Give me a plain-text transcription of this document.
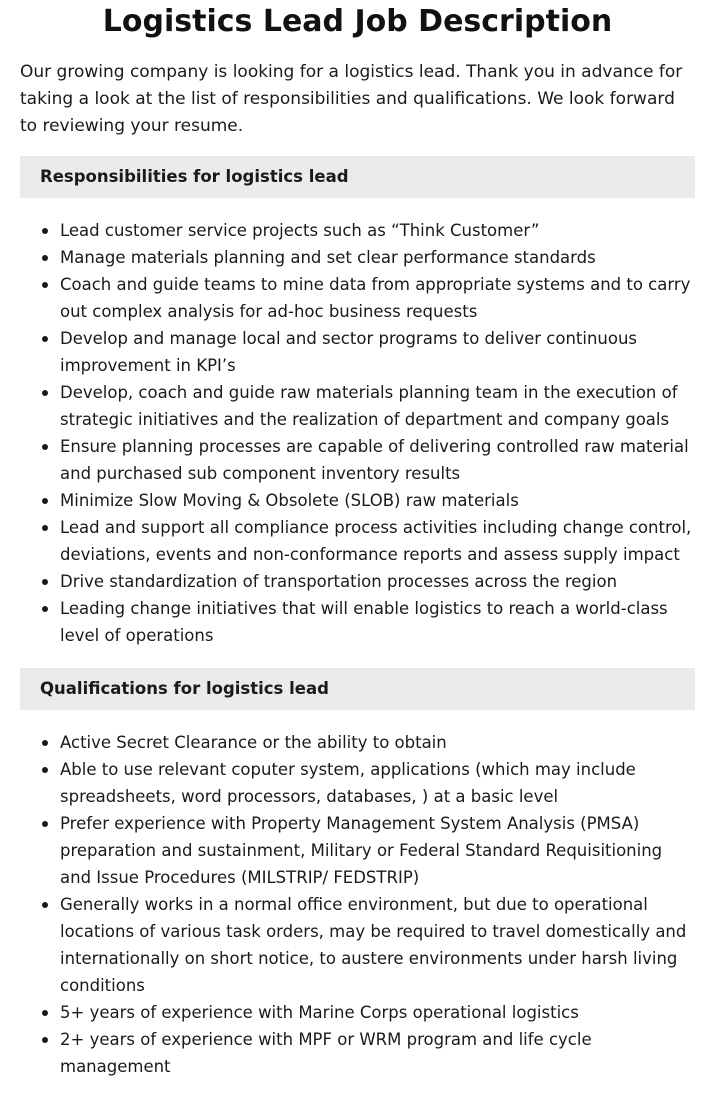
Logistics Lead Job Description

Our growing company is looking for a logistics lead. Thank you in advance for taking a look at the list of responsibilities and qualifications. We look forward to reviewing your resume.

Responsibilities for logistics lead
Lead customer service projects such as “Think Customer”
Manage materials planning and set clear performance standards
Coach and guide teams to mine data from appropriate systems and to carry out complex analysis for ad-hoc business requests
Develop and manage local and sector programs to deliver continuous improvement in KPI’s
Develop, coach and guide raw materials planning team in the execution of strategic initiatives and the realization of department and company goals
Ensure planning processes are capable of delivering controlled raw material and purchased sub component inventory results
Minimize Slow Moving & Obsolete (SLOB) raw materials
Lead and support all compliance process activities including change control, deviations, events and non-conformance reports and assess supply impact
Drive standardization of transportation processes across the region
Leading change initiatives that will enable logistics to reach a world-class level of operations
Qualifications for logistics lead
Active Secret Clearance or the ability to obtain
Able to use relevant coputer system, applications (which may include spreadsheets, word processors, databases, ) at a basic level
Prefer experience with Property Management System Analysis (PMSA) preparation and sustainment, Military or Federal Standard Requisitioning and Issue Procedures (MILSTRIP/ FEDSTRIP)
Generally works in a normal office environment, but due to operational locations of various task orders, may be required to travel domestically and internationally on short notice, to austere environments under harsh living conditions
5+ years of experience with Marine Corps operational logistics
2+ years of experience with MPF or WRM program and life cycle management
